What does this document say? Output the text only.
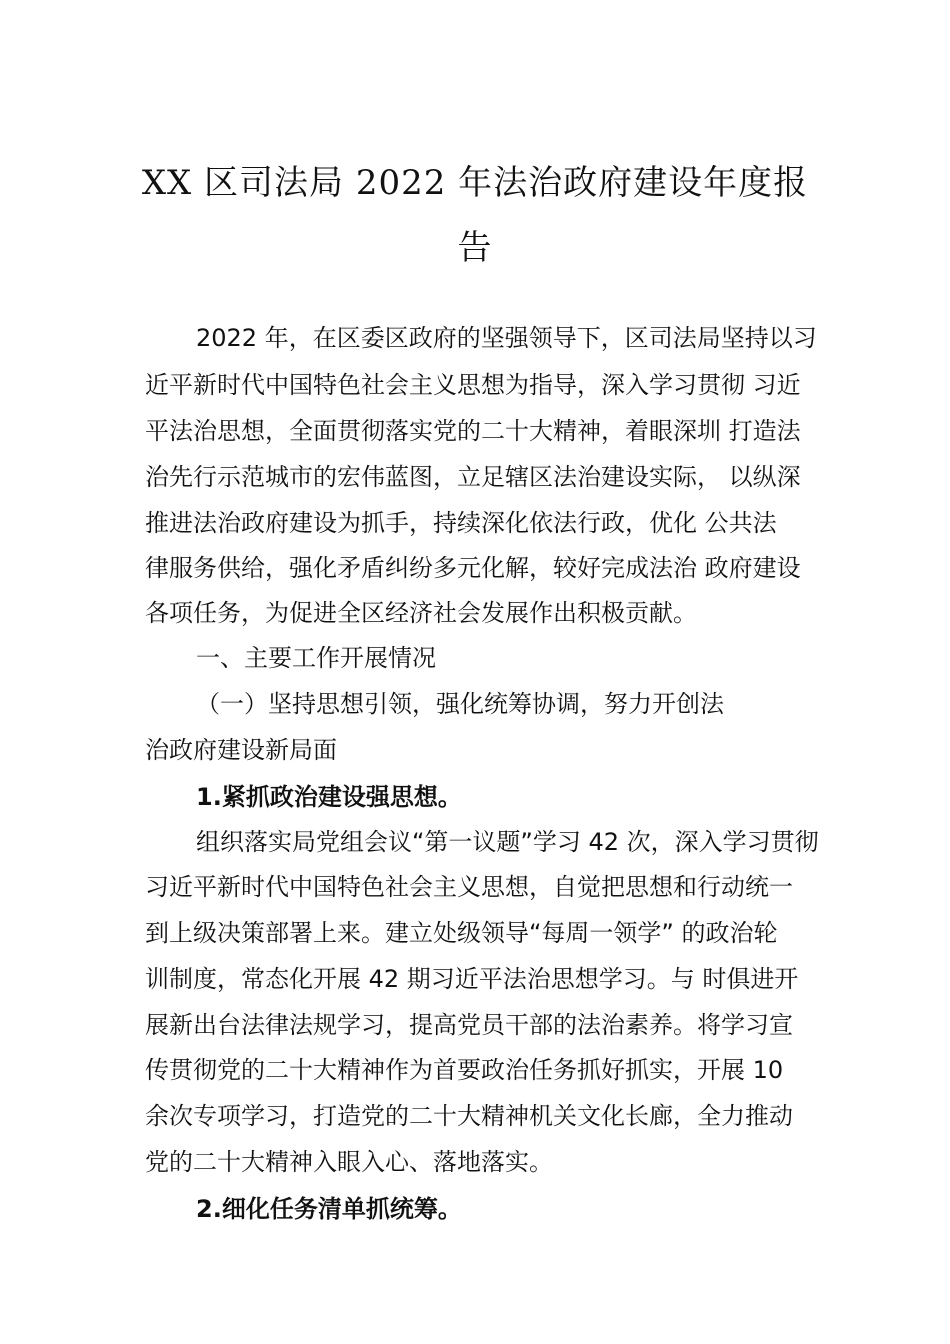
XX 区司法局 2022 年法治政府建设年度报
告
2022 年，在区委区政府的坚强领导下，区司法局坚持以习
近平新时代中国特色社会主义思想为指导，深入学习贯彻 习近
平法治思想，全面贯彻落实党的二十大精神，着眼深圳 打造法
治先行示范城市的宏伟蓝图，立足辖区法治建设实际， 以纵深
推进法治政府建设为抓手，持续深化依法行政，优化 公共法
律服务供给，强化矛盾纠纷多元化解，较好完成法治 政府建设
各项任务，为促进全区经济社会发展作出积极贡献。
一、主要工作开展情况
（一）坚持思想引领，强化统筹协调，努力开创法
治政府建设新局面
1.紧抓政治建设强思想。
组织落实局党组会议“第一议题”学习 42 次，深入学习贯彻
习近平新时代中国特色社会主义思想，自觉把思想和行动统一
到上级决策部署上来。建立处级领导“每周一领学” 的政治轮
训制度，常态化开展 42 期习近平法治思想学习。与 时俱进开
展新出台法律法规学习，提高党员干部的法治素养。将学习宣
传贯彻党的二十大精神作为首要政治任务抓好抓实，开展 10
余次专项学习，打造党的二十大精神机关文化长廊，全力推动
党的二十大精神入眼入心、落地落实。
2.细化任务清单抓统筹。
